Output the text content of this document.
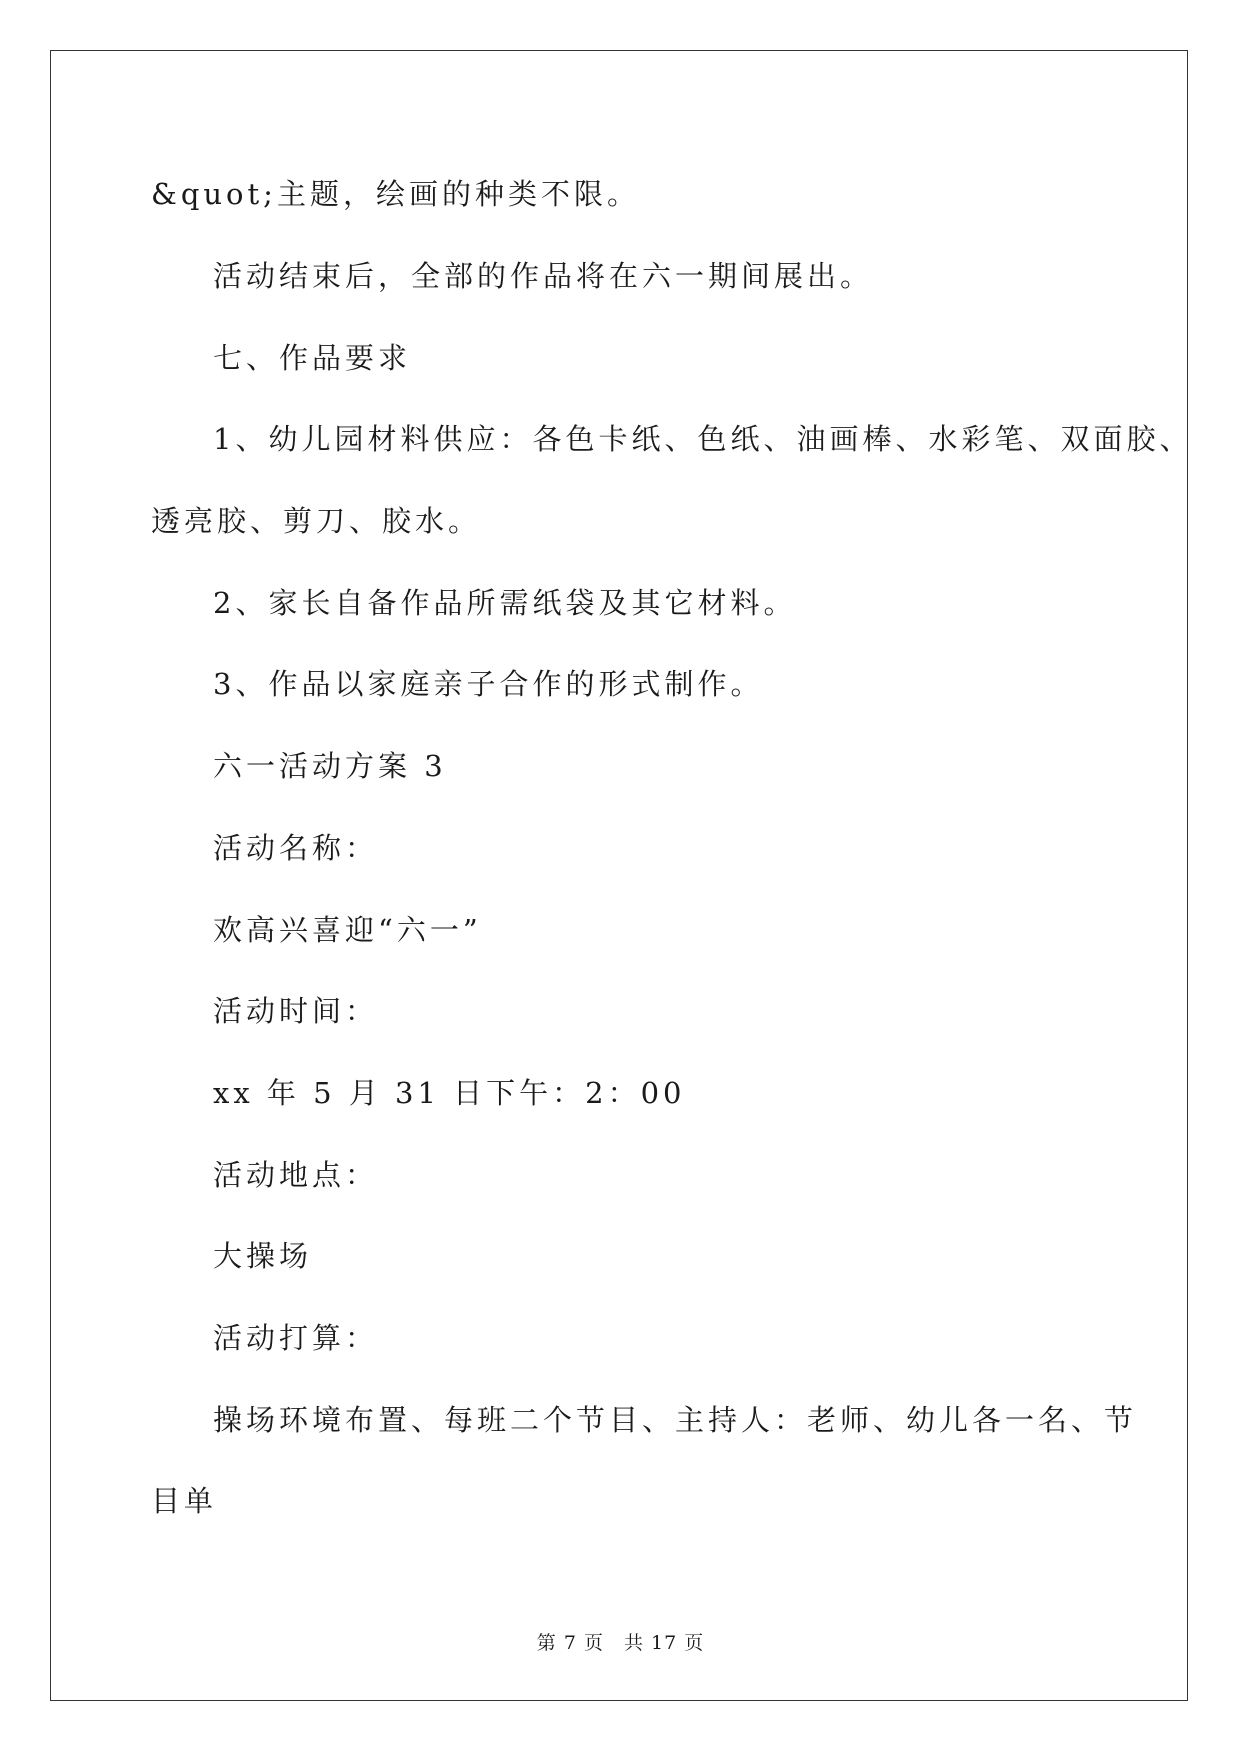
&quot;主题，绘画的种类不限。
活动结束后，全部的作品将在六一期间展出。
七、作品要求
1、幼儿园材料供应：各色卡纸、色纸、油画棒、水彩笔、双面胶、
透亮胶、剪刀、胶水。
2、家长自备作品所需纸袋及其它材料。
3、作品以家庭亲子合作的形式制作。
六一活动方案 3
活动名称：
欢高兴喜迎“六一”
活动时间：
xx 年 5 月 31 日下午：2：00
活动地点：
大操场
活动打算：
操场环境布置、每班二个节目、主持人：老师、幼儿各一名、节
目单
第 7 页　共 17 页
